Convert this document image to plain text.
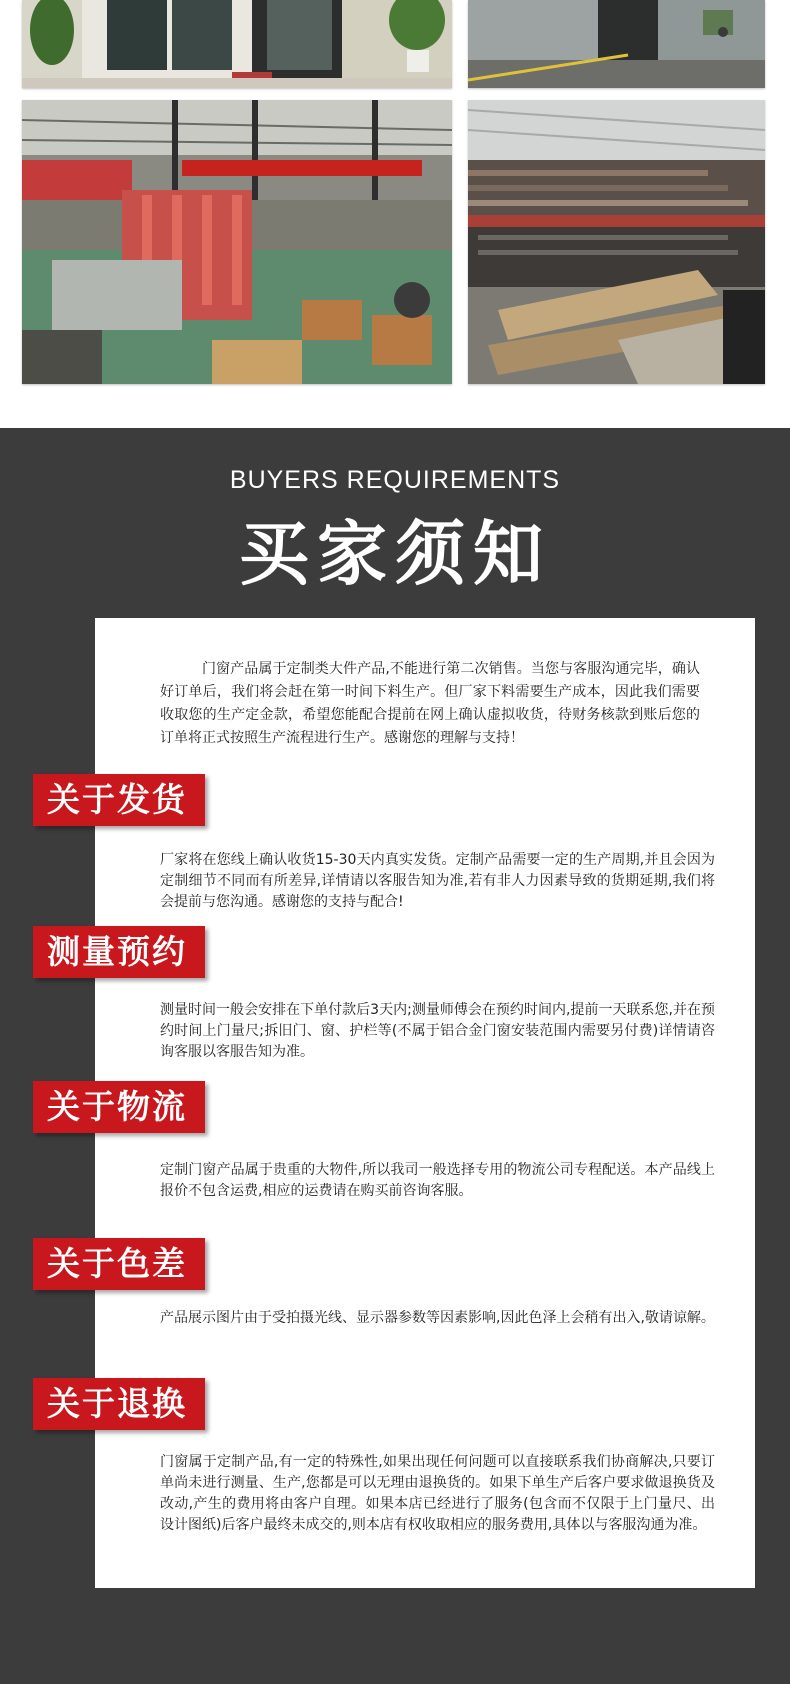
BUYERS REQUIREMENTS
买家须知
门窗产品属于定制类大件产品,不能进行第二次销售。当您与客服沟通完毕，确认好订单后，我们将会赶在第一时间下料生产。但厂家下料需要生产成本，因此我们需要收取您的生产定金款，希望您能配合提前在网上确认虚拟收货，待财务核款到账后您的订单将正式按照生产流程进行生产。感谢您的理解与支持！
关于发货
厂家将在您线上确认收货15-30天内真实发货。定制产品需要一定的生产周期,并且会因为定制细节不同而有所差异,详情请以客服告知为准,若有非人力因素导致的货期延期,我们将会提前与您沟通。感谢您的支持与配合!
测量预约
测量时间一般会安排在下单付款后3天内;测量师傅会在预约时间内,提前一天联系您,并在预约时间上门量尺;拆旧门、窗、护栏等(不属于铝合金门窗安装范围内需要另付费)详情请咨询客服以客服告知为准。
关于物流
定制门窗产品属于贵重的大物件,所以我司一般选择专用的物流公司专程配送。本产品线上报价不包含运费,相应的运费请在购买前咨询客服。
关于色差
产品展示图片由于受拍摄光线、显示器参数等因素影响,因此色泽上会稍有出入,敬请谅解。
关于退换
门窗属于定制产品,有一定的特殊性,如果出现任何问题可以直接联系我们协商解决,只要订单尚未进行测量、生产,您都是可以无理由退换货的。如果下单生产后客户要求做退换货及改动,产生的费用将由客户自理。如果本店已经进行了服务(包含而不仅限于上门量尺、出设计图纸)后客户最终未成交的,则本店有权收取相应的服务费用,具体以与客服沟通为准。
